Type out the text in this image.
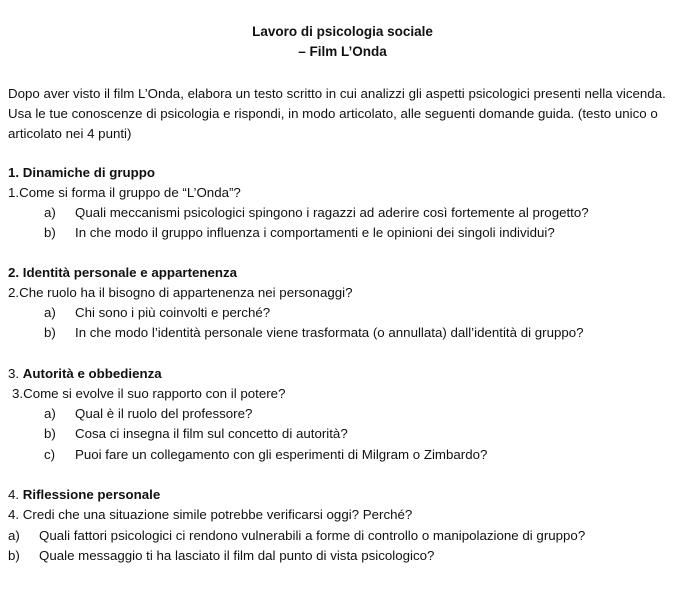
Lavoro di psicologia sociale
– Film L’Onda
Dopo aver visto il film L’Onda, elabora un testo scritto in cui analizzi gli aspetti psicologici presenti nella vicenda. Usa le tue conoscenze di psicologia e rispondi, in modo articolato, alle seguenti domande guida. (testo unico o articolato nei 4 punti)
1. Dinamiche di gruppo
1.Come si forma il gruppo de “L’Onda”?
a) Quali meccanismi psicologici spingono i ragazzi ad aderire così fortemente al progetto?
b) In che modo il gruppo influenza i comportamenti e le opinioni dei singoli individui?
2. Identità personale e appartenenza
2.Che ruolo ha il bisogno di appartenenza nei personaggi?
a) Chi sono i più coinvolti e perché?
b) In che modo l’identità personale viene trasformata (o annullata) dall’identità di gruppo?
3. Autorità e obbedienza
3.Come si evolve il suo rapporto con il potere?
a) Qual è il ruolo del professore?
b) Cosa ci insegna il film sul concetto di autorità?
c) Puoi fare un collegamento con gli esperimenti di Milgram o Zimbardo?
4. Riflessione personale
4. Credi che una situazione simile potrebbe verificarsi oggi? Perché?
a) Quali fattori psicologici ci rendono vulnerabili a forme di controllo o manipolazione di gruppo?
b) Quale messaggio ti ha lasciato il film dal punto di vista psicologico?
